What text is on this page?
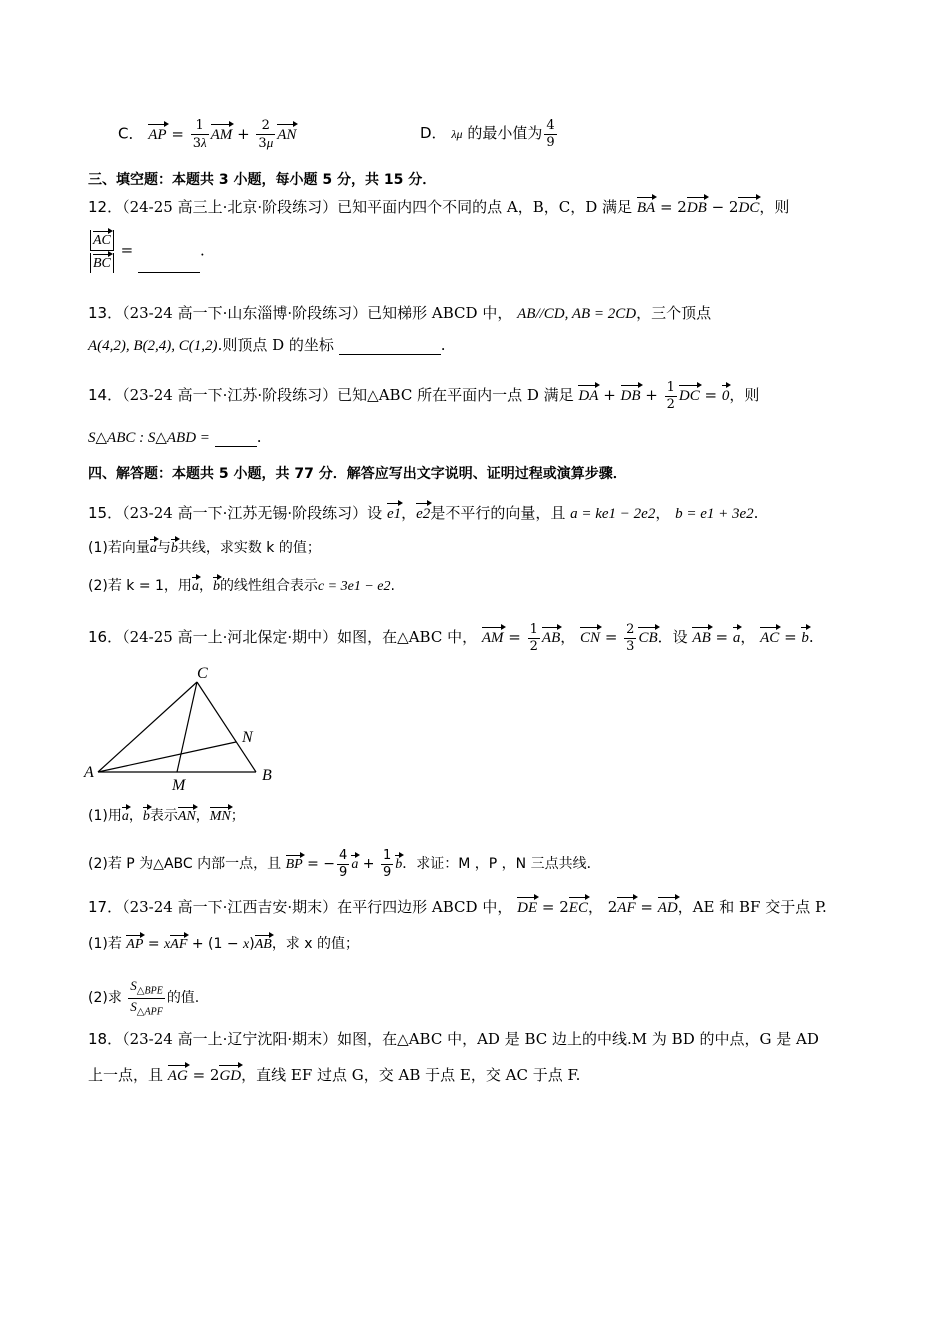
C． AP = $\frac{1}{3\lambda}$ AM + $\frac{2}{3\mu}$ AN	D． λμ 的最小值为 $\frac{4}{9}$
三、填空题：本题共 3 小题，每小题 5 分，共 15 分．
12．（24-25 高三上·北京·阶段练习）已知平面内四个不同的点 A，B，C，D 满足 BA = 2DB − 2DC，则
$\frac{AC}{BC}$ =	.
13．（23-24 高一下·山东淄博·阶段练习）已知梯形 ABCD 中， AB//CD, AB = 2CD，三个顶点
A(4,2), B(2,4), C(1,2).则顶点 D 的坐标	.
14．（23-24 高一下·江苏·阶段练习）已知△ABC 所在平面内一点 D 满足 DA + DB + $\frac{1}{2}$ DC = 0，则
S△ABC : S△ABD =	.
四、解答题：本题共 5 小题，共 77 分．解答应写出文字说明、证明过程或演算步骤．
15．（23-24 高一下·江苏无锡·阶段练习）设 e1，e2是不平行的向量，且 a = ke1 − 2e2， b = e1 + 3e2.
(1)若向量a与b共线，求实数 k 的值；
(2)若 k = 1，用a，b的线性组合表示c = 3e1 − e2.
16．（24-25 高一上·河北保定·期中）如图，在△ABC 中， AM = $\frac{1}{2}$ AB， CN = $\frac{2}{3}$ CB．设 AB = a， AC = b.
A	B
C
M
N
(1)用a，b表示AN，MN；
(2)若 P 为△ABC 内部一点，且 BP = − $\frac{4}{9}$ $a + \frac{1}{9}$ b．求证：M ，P ，N 三点共线．
17．（23-24 高一下·江西吉安·期末）在平行四边形 ABCD 中， DE = 2EC， 2AF = AD，AE 和 BF 交于点 P.
(1)若 AP = xAF + (1 − x)AB，求 x 的值；
(2)求 $\frac{S_{\triangle BPE}}{S_{\triangle APF}}$ 的值.
18．（23-24 高一上·辽宁沈阳·期末）如图，在△ABC 中，AD 是 BC 边上的中线.M 为 BD 的中点，G 是 AD
上一点，且 AG = 2GD，直线 EF 过点 G，交 AB 于点 E，交 AC 于点 F.
